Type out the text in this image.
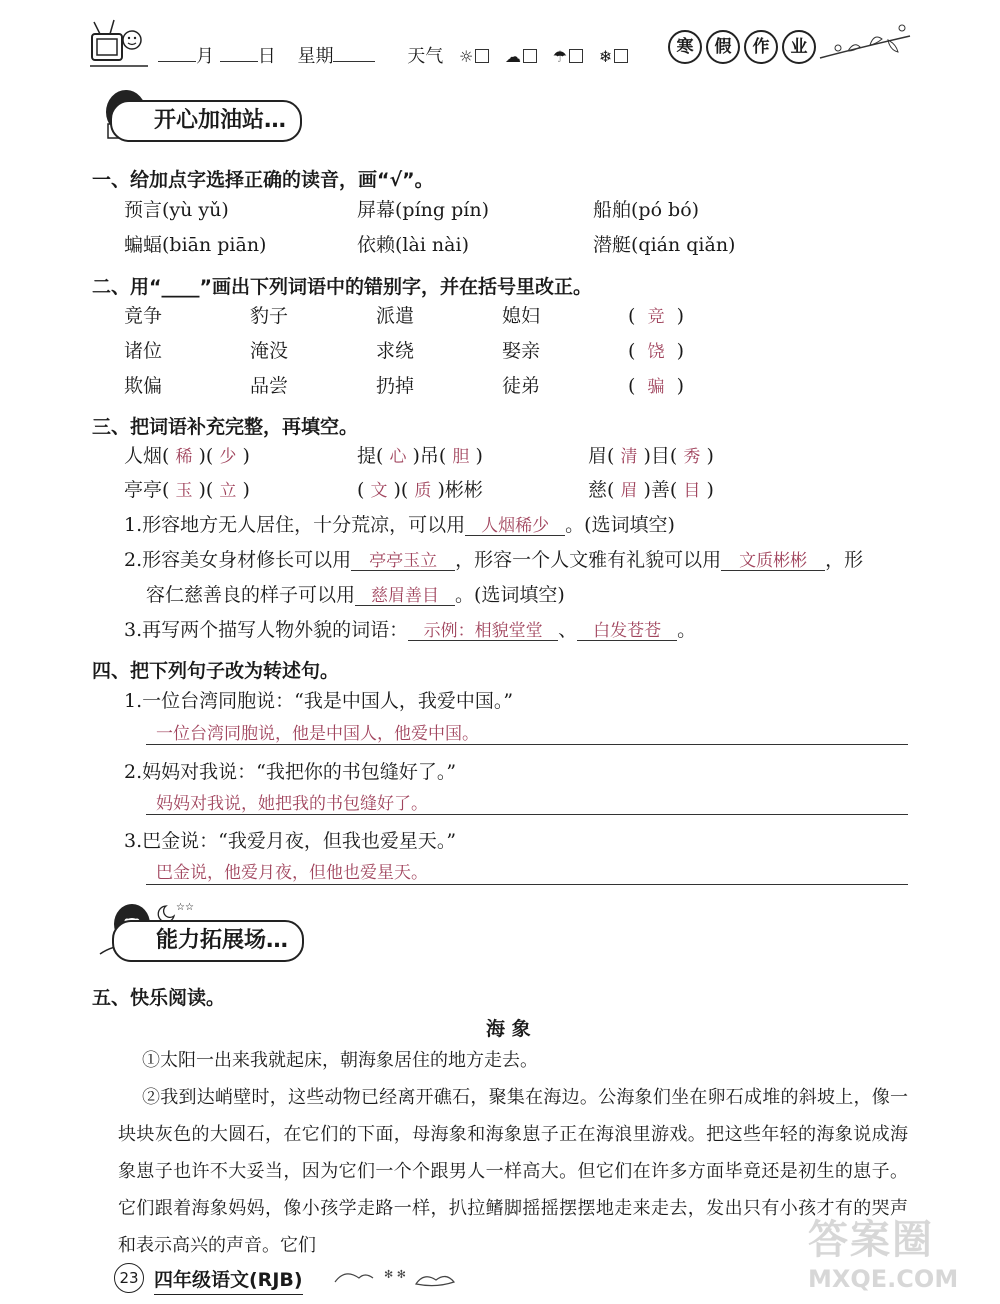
月 日 星期	天气 ☼ ☁ ☂ ❄	寒	假	作	业
开心加油站…
一、给加点字选择正确的读音，画“√”。
预言(yù yǔ)	屏幕(píng pín)	船舶(pó bó)
蝙蝠(biān piān)	依赖(lài nài)	潜艇(qián qiǎn)
二、用“____”画出下列词语中的错别字，并在括号里改正。
竟争	豹子	派遣	媳妇	(  竞  )
诸位	淹没	求绕	娶亲	(  饶  )
欺偏	品尝	扔掉	徒弟	(  骗  )
三、把词语补充完整，再填空。
人烟( 稀 )( 少 )	提( 心 )吊( 胆 )	眉( 清 )目( 秀 )
亭亭( 玉 )( 立 )	( 文 )( 质 )彬彬	慈( 眉 )善( 目 )
1.形容地方无人居住，十分荒凉，可以用 人烟稀少 。(选词填空)
2.形容美女身材修长可以用 亭亭玉立 ，形容一个人文雅有礼貌可以用 文质彬彬 ，形
容仁慈善良的样子可以用 慈眉善目 。(选词填空)
3.再写两个描写人物外貌的词语： 示例：相貌堂堂 、 白发苍苍 。
四、把下列句子改为转述句。
1.一位台湾同胞说：“我是中国人，我爱中国。”
一位台湾同胞说，他是中国人，他爱中国。
2.妈妈对我说：“我把你的书包缝好了。”
妈妈对我说，她把我的书包缝好了。
3.巴金说：“我爱月夜，但我也爱星天。”
巴金说，他爱月夜，但他也爱星天。
☆☆
能力拓展场…
五、快乐阅读。
海 象
①太阳一出来我就起床，朝海象居住的地方走去。
②我到达峭壁时，这些动物已经离开礁石，聚集在海边。公海象们坐在卵石成堆的斜坡上，像一块块灰色的大圆石，在它们的下面，母海象和海象崽子正在海浪里游戏。把这些年轻的海象说成海象崽子也许不大妥当，因为它们一个个跟男人一样高大。但它们在许多方面毕竟还是初生的崽子。它们跟着海象妈妈，像小孩学走路一样，扒拉鳍脚摇摇摆摆地走来走去，发出只有小孩才有的哭声和表示高兴的声音。它们
23 四年级语文(RJB)	✻ ✻
答案圈
MXQE.COM
